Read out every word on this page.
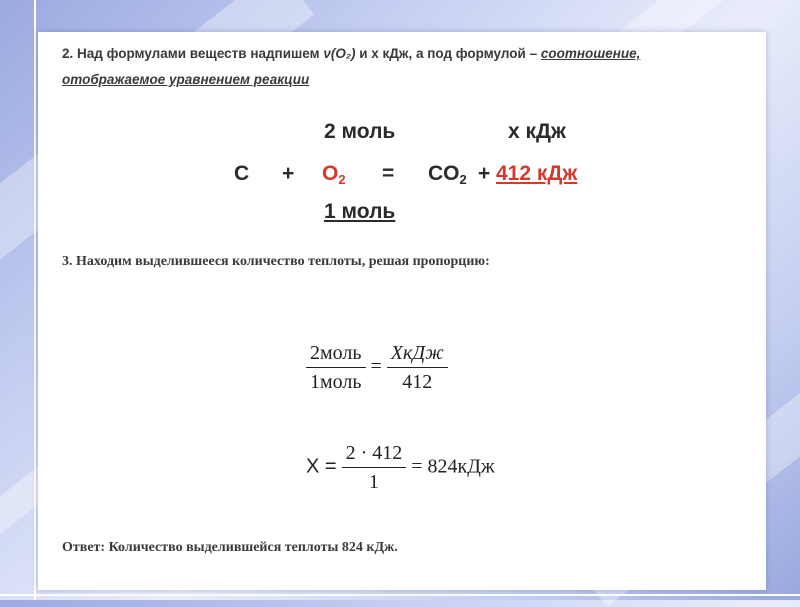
2. Над формулами веществ надпишем ν(O₂) и x кДж, а под формулой – соотношение,
отображаемое уравнением реакции
2 моль	x кДж
$C + O_2 = CO_2 + 412$ кДж
1 моль
3. Находим выделившееся количество теплоты, решая пропорцию:
$\frac{\text{2моль}}{\text{1моль}} = \frac{\text{XкДж}}{412}$
$X = \frac{2 \cdot 412}{1} = 824кДж$
Ответ: Количество выделившейся теплоты 824 кДж.
